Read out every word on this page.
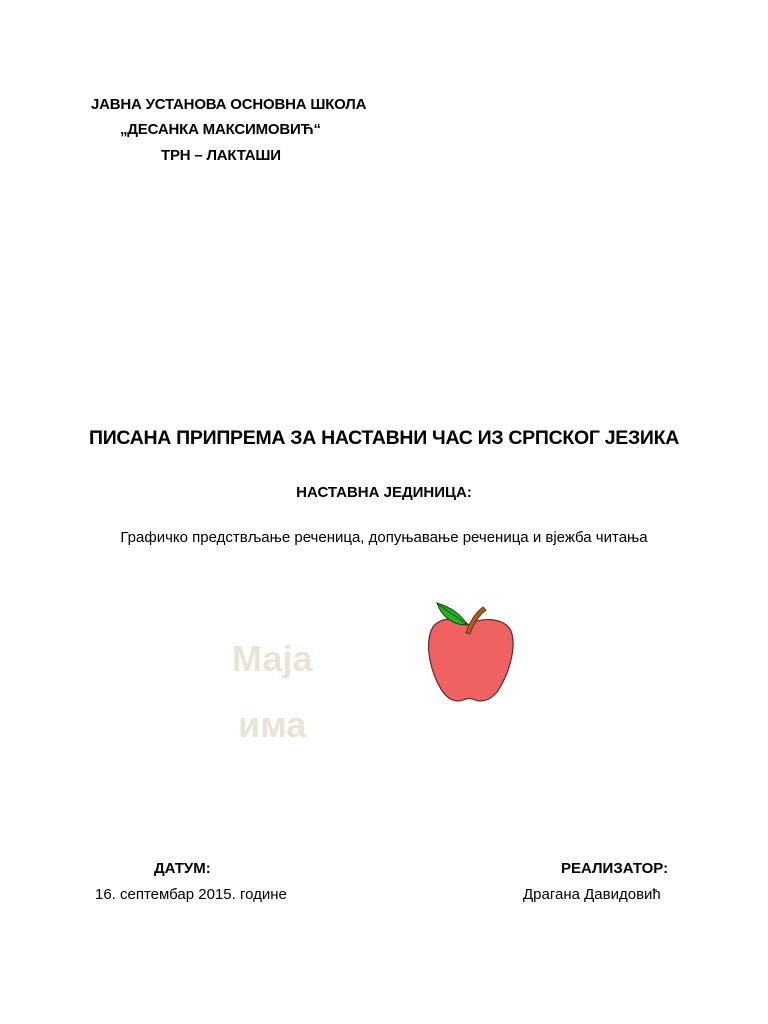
ЈАВНА УСТАНОВА ОСНОВНА ШКОЛА
„ДЕСАНКА МАКСИМОВИЋ“
ТРН – ЛАКТАШИ
ПИСАНА ПРИПРЕМА ЗА НАСТАВНИ ЧАС ИЗ СРПСКОГ ЈЕЗИКА
НАСТАВНА ЈЕДИНИЦА:
Графичко предствљање реченица, допуњавање реченица и вјежба читања
Маја
има
ДАТУМ:
16. септембар 2015. године
РЕАЛИЗАТОР:
Драгана Давидовић
